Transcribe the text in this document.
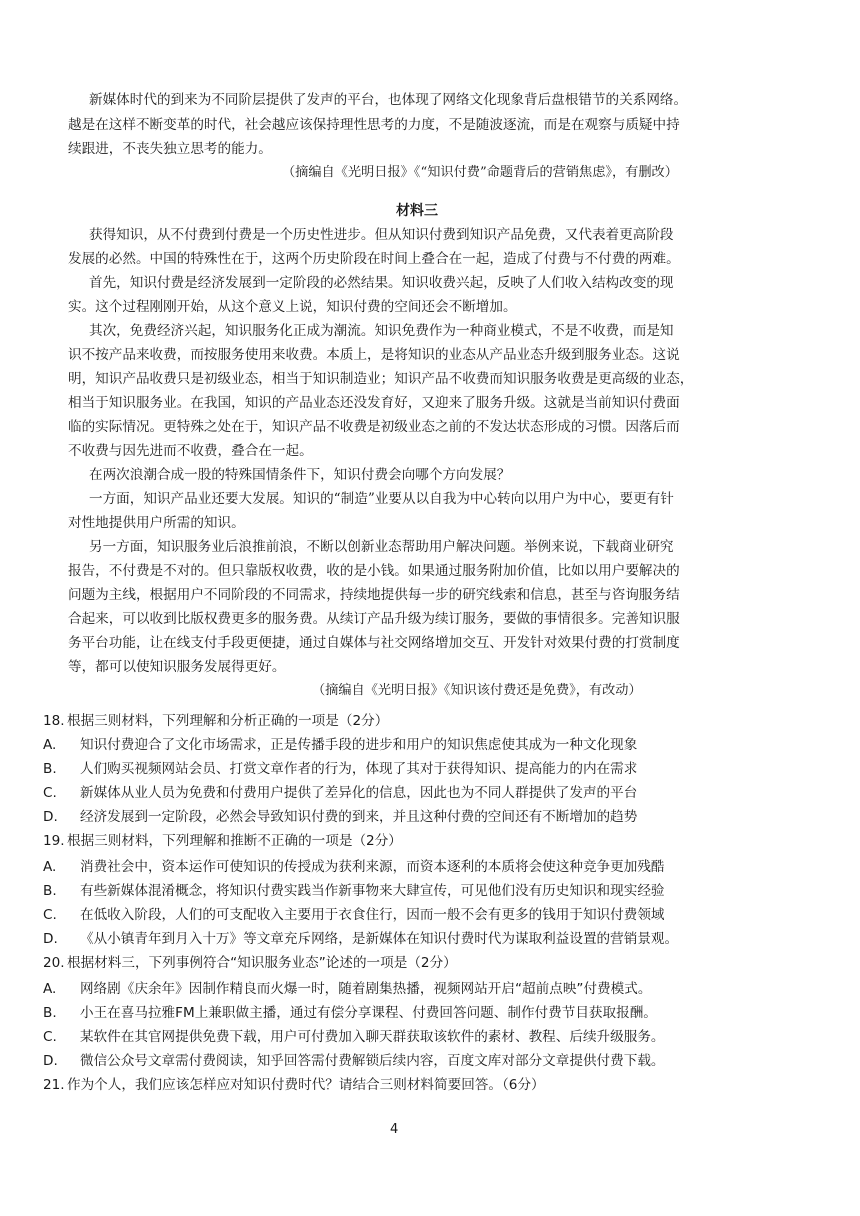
新媒体时代的到来为不同阶层提供了发声的平台，也体现了网络文化现象背后盘根错节的关系网络。

越是在这样不断变革的时代，社会越应该保持理性思考的力度，不是随波逐流，而是在观察与质疑中持

续跟进，不丧失独立思考的能力。

（摘编自《光明日报》《“知识付费”命题背后的营销焦虑》，有删改）

材料三

获得知识，从不付费到付费是一个历史性进步。但从知识付费到知识产品免费，又代表着更高阶段

发展的必然。中国的特殊性在于，这两个历史阶段在时间上叠合在一起，造成了付费与不付费的两难。

首先，知识付费是经济发展到一定阶段的必然结果。知识收费兴起，反映了人们收入结构改变的现

实。这个过程刚刚开始，从这个意义上说，知识付费的空间还会不断增加。

其次，免费经济兴起，知识服务化正成为潮流。知识免费作为一种商业模式，不是不收费，而是知

识不按产品来收费，而按服务使用来收费。本质上，是将知识的业态从产品业态升级到服务业态。这说

明，知识产品收费只是初级业态，相当于知识制造业；知识产品不收费而知识服务收费是更高级的业态，

相当于知识服务业。在我国，知识的产品业态还没发育好，又迎来了服务升级。这就是当前知识付费面

临的实际情况。更特殊之处在于，知识产品不收费是初级业态之前的不发达状态形成的习惯。因落后而

不收费与因先进而不收费，叠合在一起。

在两次浪潮合成一股的特殊国情条件下，知识付费会向哪个方向发展？

一方面，知识产品业还要大发展。知识的“制造”业要从以自我为中心转向以用户为中心，要更有针

对性地提供用户所需的知识。

另一方面，知识服务业后浪推前浪，不断以创新业态帮助用户解决问题。举例来说，下载商业研究

报告，不付费是不对的。但只靠版权收费，收的是小钱。如果通过服务附加价值，比如以用户要解决的

问题为主线，根据用户不同阶段的不同需求，持续地提供每一步的研究线索和信息，甚至与咨询服务结

合起来，可以收到比版权费更多的服务费。从续订产品升级为续订服务，要做的事情很多。完善知识服

务平台功能，让在线支付手段更便捷，通过自媒体与社交网络增加交互、开发针对效果付费的打赏制度

等，都可以使知识服务发展得更好。

（摘编自《光明日报》《知识该付费还是免费》，有改动）

18. 根据三则材料，下列理解和分析正确的一项是（2分）

A. 知识付费迎合了文化市场需求，正是传播手段的进步和用户的知识焦虑使其成为一种文化现象

B. 人们购买视频网站会员、打赏文章作者的行为，体现了其对于获得知识、提高能力的内在需求

C. 新媒体从业人员为免费和付费用户提供了差异化的信息，因此也为不同人群提供了发声的平台

D. 经济发展到一定阶段，必然会导致知识付费的到来，并且这种付费的空间还有不断增加的趋势

19. 根据三则材料，下列理解和推断不正确的一项是（2分）

A. 消费社会中，资本运作可使知识的传授成为获利来源，而资本逐利的本质将会使这种竞争更加残酷

B. 有些新媒体混淆概念，将知识付费实践当作新事物来大肆宣传，可见他们没有历史知识和现实经验

C. 在低收入阶段，人们的可支配收入主要用于衣食住行，因而一般不会有更多的钱用于知识付费领域

D. 《从小镇青年到月入十万》等文章充斥网络，是新媒体在知识付费时代为谋取利益设置的营销景观。

20. 根据材料三，下列事例符合“知识服务业态”论述的一项是（2分）

A. 网络剧《庆余年》因制作精良而火爆一时，随着剧集热播，视频网站开启“超前点映”付费模式。

B. 小王在喜马拉雅FM上兼职做主播，通过有偿分享课程、付费回答问题、制作付费节目获取报酬。

C. 某软件在其官网提供免费下载，用户可付费加入聊天群获取该软件的素材、教程、后续升级服务。

D. 微信公众号文章需付费阅读，知乎回答需付费解锁后续内容，百度文库对部分文章提供付费下载。

21. 作为个人，我们应该怎样应对知识付费时代？请结合三则材料简要回答。（6分）

4
